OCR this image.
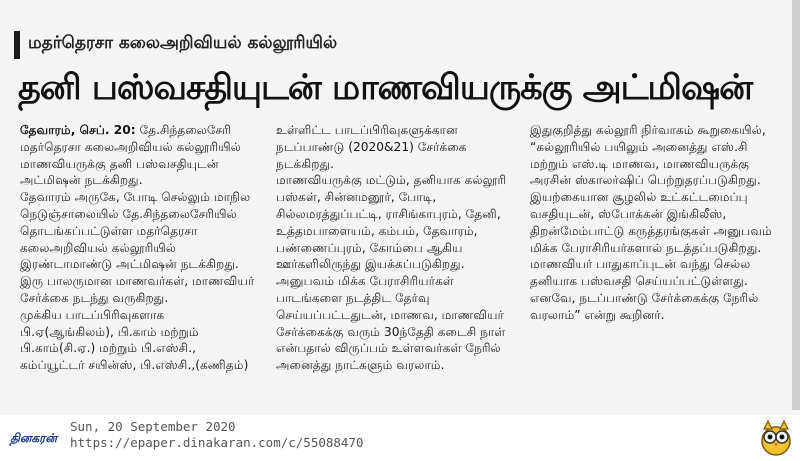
மதர்தெரசா கலைஅறிவியல் கல்லூரியில்
தனி பஸ்வசதியுடன் மாணவியருக்கு அட்மிஷன்

தேவாரம், செப். 20: தே.சிந்தலைசேரி மதர்தெரசா கலைஅறிவியல் கல்லூரியில் மாணவியருக்கு தனி பஸ்வசதியுடன் அட்மிஷன் நடக்கிறது.

தேவாரம் அருகே, போடி செல்லும் மாநில நெடுஞ்சாலையில் தே.சிந்தலைசேரியில் தொடங்கப்பட்டுள்ள மதர்தெரசா கலைஅறிவியல் கல்லூரியில் இரண்டாமாண்டு அட்மிஷன் நடக்கிறது. இரு பாலருமான மாணவர்கள், மாணவியர் சேர்க்கை நடந்து வருகிறது.

முக்கிய பாடப்பிரிவுகளாக பி.ஏ(ஆங்கிலம்), பி.காம் மற்றும் பி.காம்(சி.ஏ.) மற்றும் பி.எஸ்சி., கம்ப்யூட்டர் சயின்ஸ், பி.எஸ்சி.,(கணிதம்)

உள்ளிட்ட பாடப்பிரிவுகளுக்கான நடப்பாண்டு (2020&21) சேர்க்கை நடக்கிறது.

மாணவியருக்கு மட்டும், தனியாக கல்லூரி பஸ்கள், சின்னமனூர், போடி, சில்லமரத்துப்பட்டி, ராசிங்காபுரம், தேனி, உத்தமபாளையம், கம்பம், தேவாரம், பண்ணைப்புரம், கோம்பை ஆகிய ஊர்களிலிருந்து இயக்கப்படுகிறது. அனுபவம் மிக்க பேராசிரியர்கள் பாடங்களை நடத்திட தேர்வு செய்யப்பட்டதுடன், மாணவ, மாணவியர் சேர்க்கைக்கு வரும் 30ந்தேதி கடைசி நாள் என்பதால் விருப்பம் உள்ளவர்கள் நேரில் அனைத்து நாட்களும் வரலாம்.

இதுகுறித்து கல்லூரி நிர்வாகம் கூறுகையில், “கல்லூரியில் பயிலும் அனைத்து எஸ்.சி மற்றும் எஸ்.டி மாணவ, மாணவியருக்கு அரசின் ஸ்காலர்ஷிப் பெற்றுதரப்படுகிறது. இயற்கையான சூழலில் உட்கட்டமைப்பு வசதியுடன், ஸ்போக்கன் இங்கிலீஸ், திறன்மேம்பாட்டு கருத்தரங்குகள் அனுபவம் மிக்க பேராசிரியர்களால் நடத்தப்படுகிறது. மாணவியர் பாதுகாப்புடன் வந்து செல்ல தனியாக பஸ்வசதி செய்யப்பட்டுள்ளது.

எனவே, நடப்பாண்டு சேர்க்கைக்கு நேரில் வரலாம்” என்று கூறினர்.

தினகரன்
Sun, 20 September 2020
https://epaper.dinakaran.com/c/55088470
